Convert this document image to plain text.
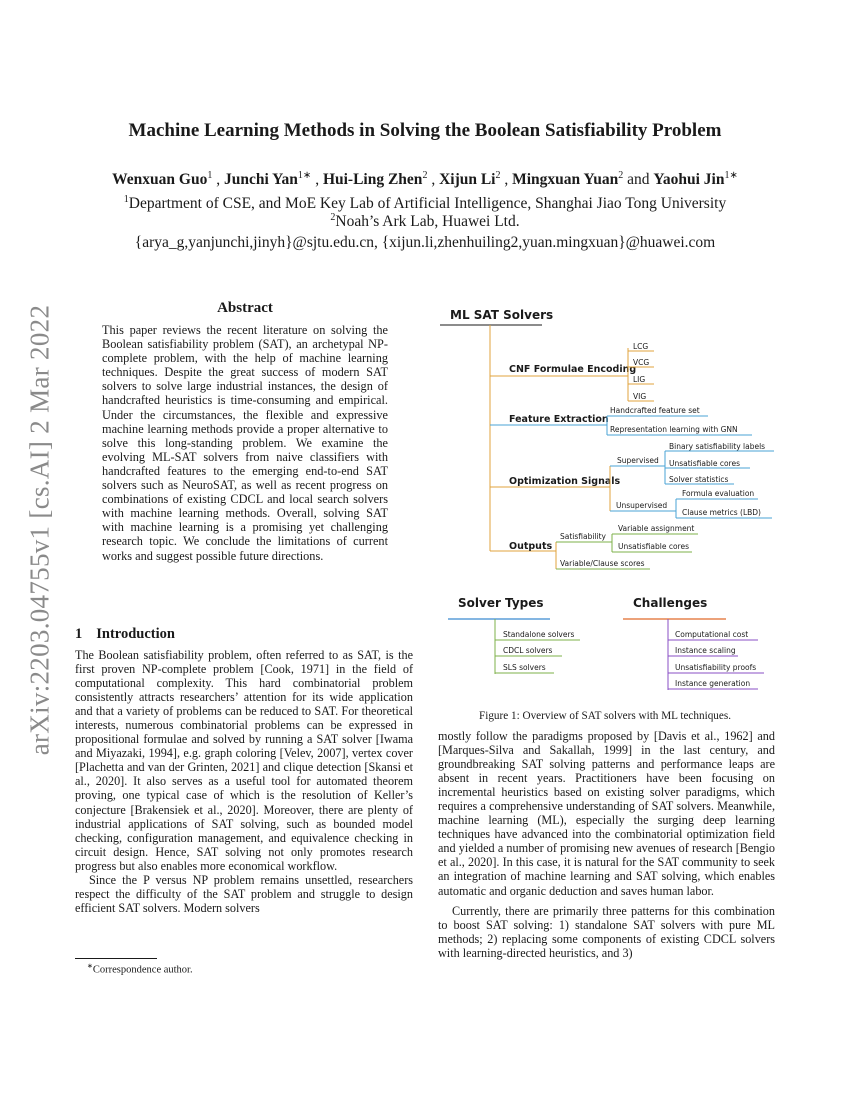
arXiv:2203.04755v1 [cs.AI] 2 Mar 2022
Machine Learning Methods in Solving the Boolean Satisfiability Problem
Wenxuan Guo$^1$ , Junchi Yan$^{1∗}$ , Hui-Ling Zhen$^2$ , Xijun Li$^2$ , Mingxuan Yuan$^2$ and Yaohui Jin$^{1∗}$
$^1$Department of CSE, and MoE Key Lab of Artificial Intelligence, Shanghai Jiao Tong University
$^2$Noah’s Ark Lab, Huawei Ltd.
{arya_g,yanjunchi,jinyh}@sjtu.edu.cn, {xijun.li,zhenhuiling2,yuan.mingxuan}@huawei.com
Abstract

This paper reviews the recent literature on solving the Boolean satisfiability problem (SAT), an archetypal NP-complete problem, with the help of machine learning techniques. Despite the great success of modern SAT solvers to solve large industrial instances, the design of handcrafted heuristics is time-consuming and empirical. Under the circumstances, the flexible and expressive machine learning methods provide a proper alternative to solve this long-standing problem. We examine the evolving ML-SAT solvers from naive classifiers with handcrafted features to the emerging end-to-end SAT solvers such as NeuroSAT, as well as recent progress on combinations of existing CDCL and local search solvers with machine learning methods. Overall, solving SAT with machine learning is a promising yet challenging research topic. We conclude the limitations of current works and suggest possible future directions.

1 Introduction

The Boolean satisfiability problem, often referred to as SAT, is the first proven NP-complete problem [Cook, 1971] in the field of computational complexity. This hard combinatorial problem consistently attracts researchers’ attention for its wide application and that a variety of problems can be reduced to SAT. For theoretical interests, numerous combinatorial problems can be expressed in propositional formulae and solved by running a SAT solver [Iwama and Miyazaki, 1994], e.g. graph coloring [Velev, 2007], vertex cover [Plachetta and van der Grinten, 2021] and clique detection [Skansi et al., 2020]. It also serves as a useful tool for automated theorem proving, one typical case of which is the resolution of Keller’s conjecture [Brakensiek et al., 2020]. Moreover, there are plenty of industrial applications of SAT solving, such as bounded model checking, configuration management, and equivalence checking in circuit design. Hence, SAT solving not only promotes research progress but also enables more economical workflow.

Since the P versus NP problem remains unsettled, researchers respect the difficulty of the SAT problem and struggle to design efficient SAT solvers. Modern solvers

∗Correspondence author.
ML SAT Solvers
CNF Formulae Encoding
LCG
VCG
LIG
VIG
Feature Extraction
Handcrafted feature set
Representation learning with GNN
Optimization Signals
Supervised
Binary satisfiability labels
Unsatisfiable cores
Solver statistics
Unsupervised
Formula evaluation
Clause metrics (LBD)
Outputs
Satisfiability
Variable assignment
Unsatisfiable cores
Variable/Clause scores
Solver Types
Standalone solvers
CDCL solvers
SLS solvers
Challenges
Computational cost
Instance scaling
Unsatisfiability proofs
Instance generation
Figure 1: Overview of SAT solvers with ML techniques.

mostly follow the paradigms proposed by [Davis et al., 1962] and [Marques-Silva and Sakallah, 1999] in the last century, and groundbreaking SAT solving patterns and performance leaps are absent in recent years. Practitioners have been focusing on incremental heuristics based on existing solver paradigms, which requires a comprehensive understanding of SAT solvers. Meanwhile, machine learning (ML), especially the surging deep learning techniques have advanced into the combinatorial optimization field and yielded a number of promising new avenues of research [Bengio et al., 2020]. In this case, it is natural for the SAT community to seek an integration of machine learning and SAT solving, which enables automatic and organic deduction and saves human labor.

Currently, there are primarily three patterns for this combination to boost SAT solving: 1) standalone SAT solvers with pure ML methods; 2) replacing some components of existing CDCL solvers with learning-directed heuristics, and 3)
